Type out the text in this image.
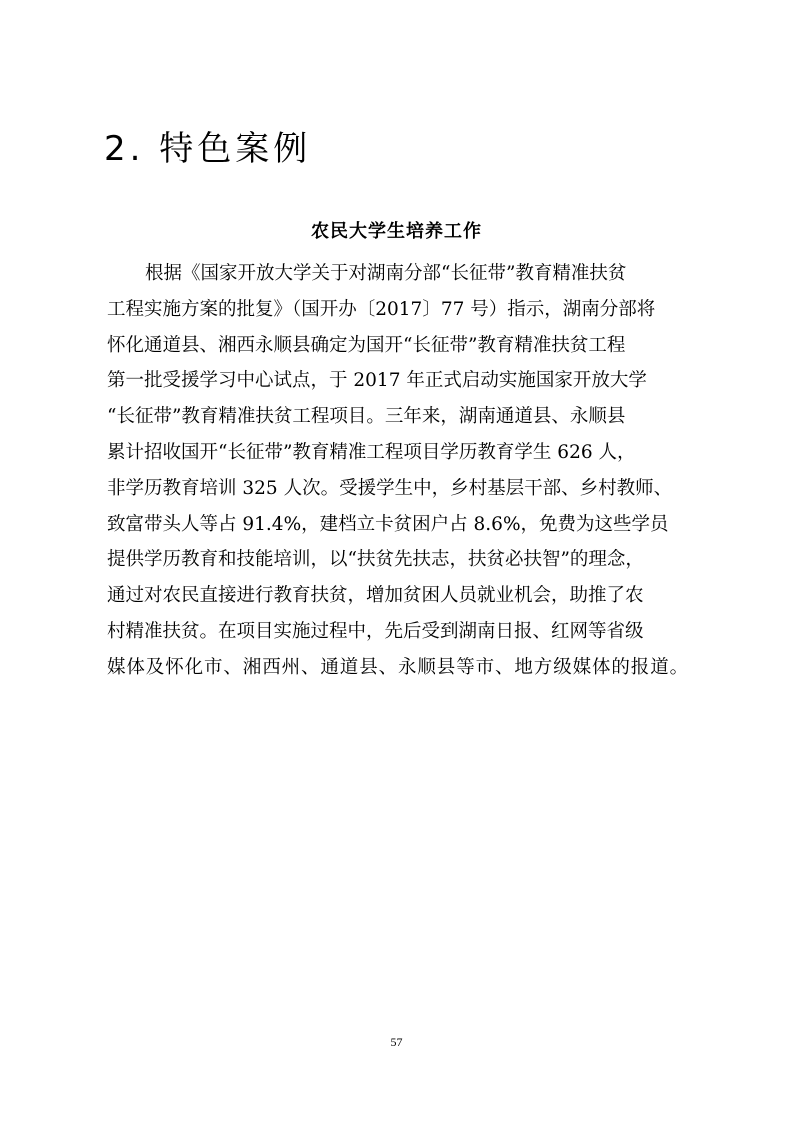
2. 特色案例
农民大学生培养工作
根据《国家开放大学关于对湖南分部“长征带”教育精准扶贫
工程实施方案的批复》（国开办〔2017〕77 号）指示，湖南分部将
怀化通道县、湘西永顺县确定为国开“长征带”教育精准扶贫工程
第一批受援学习中心试点，于 2017 年正式启动实施国家开放大学
“长征带”教育精准扶贫工程项目。三年来，湖南通道县、永顺县
累计招收国开“长征带”教育精准工程项目学历教育学生 626 人，
非学历教育培训 325 人次。受援学生中，乡村基层干部、乡村教师、
致富带头人等占 91.4%，建档立卡贫困户占 8.6%，免费为这些学员
提供学历教育和技能培训，以“扶贫先扶志，扶贫必扶智”的理念，
通过对农民直接进行教育扶贫，增加贫困人员就业机会，助推了农
村精准扶贫。在项目实施过程中，先后受到湖南日报、红网等省级
媒体及怀化市、湘西州、通道县、永顺县等市、地方级媒体的报道。
57
